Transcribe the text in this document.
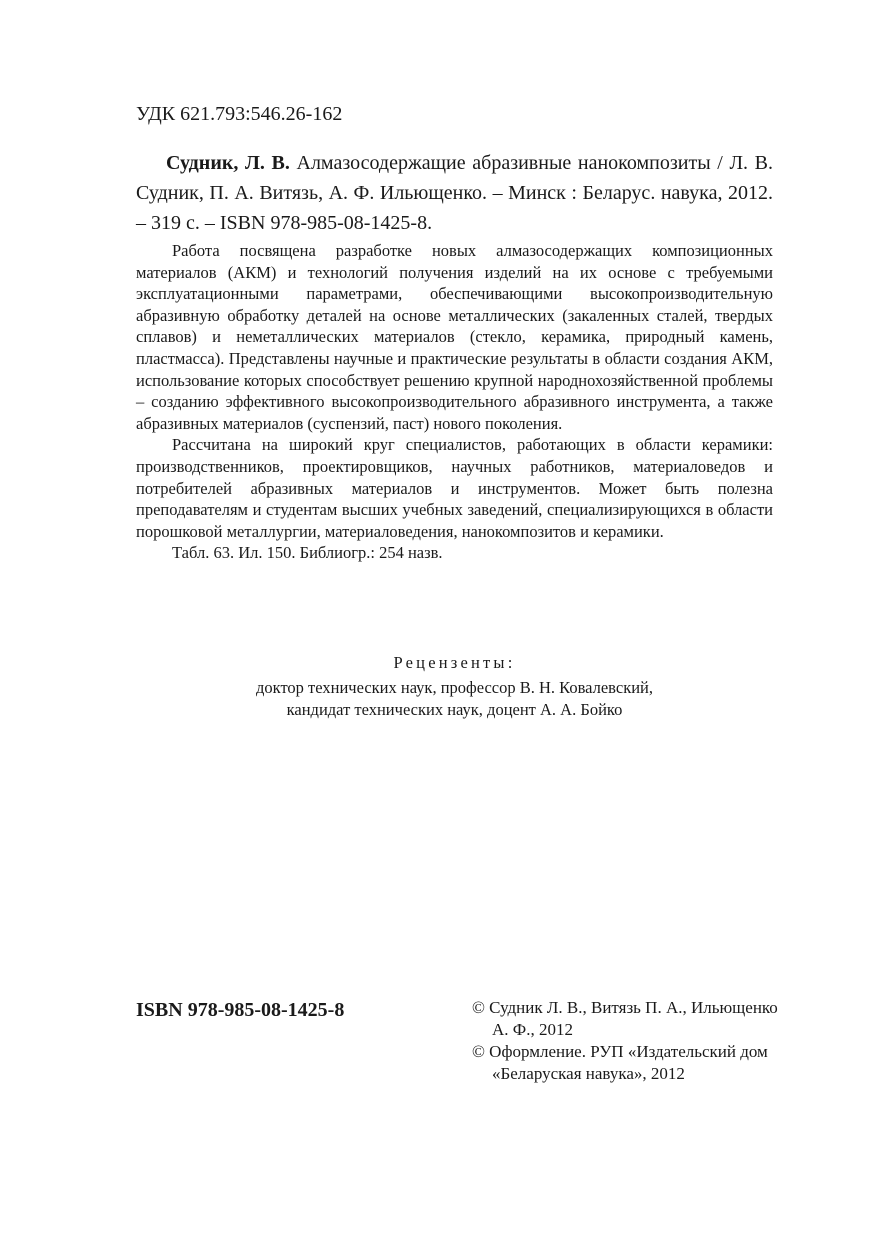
УДК 621.793:546.26-162
Судник, Л. В. Алмазосодержащие абразивные нанокомпозиты / Л. В. Судник, П. А. Витязь, А. Ф. Ильющенко. – Минск : Беларус. навука, 2012. – 319 с. – ISBN 978-985-08-1425-8.

Работа посвящена разработке новых алмазосодержащих композиционных материалов (АКМ) и технологий получения изделий на их основе с требуемыми эксплуатационными параметрами, обеспечивающими высокопроизводительную абразивную обработку деталей на основе металлических (закаленных сталей, твердых сплавов) и неметаллических материалов (стекло, керамика, природный камень, пластмасса). Представлены научные и практические результаты в области создания АКМ, использование которых способствует решению крупной народнохозяйственной проблемы – созданию эффективного высокопроизводительного абразивного инструмента, а также абразивных материалов (суспензий, паст) нового поколения.

Рассчитана на широкий круг специалистов, работающих в области керамики: производственников, проектировщиков, научных работников, материаловедов и потребителей абразивных материалов и инструментов. Может быть полезна преподавателям и студентам высших учебных заведений, специализирующихся в области порошковой металлургии, материаловедения, нанокомпозитов и керамики.

Табл. 63. Ил. 150. Библиогр.: 254 назв.

Рецензенты:
доктор технических наук, профессор В. Н. Ковалевский,
кандидат технических наук, доцент А. А. Бойко
ISBN 978-985-08-1425-8	© Судник Л. В., Витязь П. А., Ильющенко А. Ф., 2012
© Оформление. РУП «Издательский дом «Беларуская навука», 2012
